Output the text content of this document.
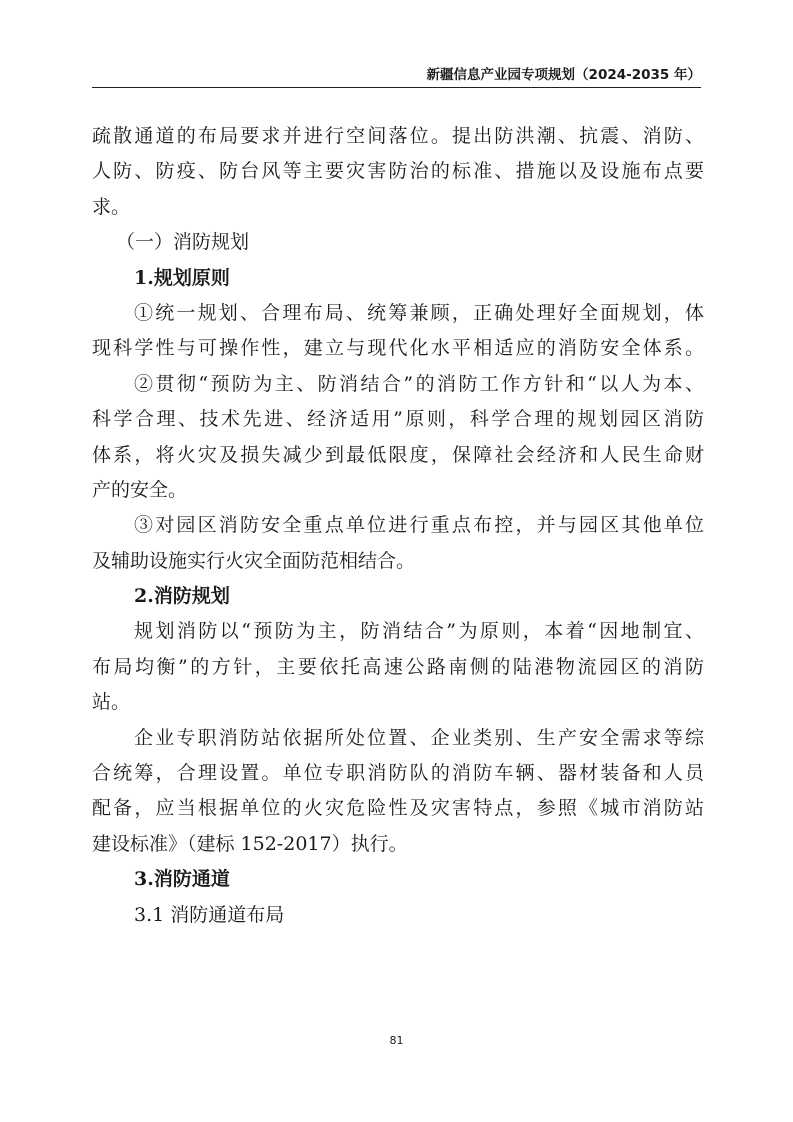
新疆信息产业园专项规划（2024-2035 年）
疏散通道的布局要求并进行空间落位。提出防洪潮、抗震、消防、
人防、防疫、防台风等主要灾害防治的标准、措施以及设施布点要
求。
（一）消防规划
1.规划原则
①统一规划、合理布局、统筹兼顾，正确处理好全面规划，体
现科学性与可操作性，建立与现代化水平相适应的消防安全体系。
②贯彻“预防为主、防消结合”的消防工作方针和“以人为本、
科学合理、技术先进、经济适用”原则，科学合理的规划园区消防
体系，将火灾及损失减少到最低限度，保障社会经济和人民生命财
产的安全。
③对园区消防安全重点单位进行重点布控，并与园区其他单位
及辅助设施实行火灾全面防范相结合。
2.消防规划
规划消防以“预防为主，防消结合”为原则，本着“因地制宜、
布局均衡”的方针，主要依托高速公路南侧的陆港物流园区的消防
站。
企业专职消防站依据所处位置、企业类别、生产安全需求等综
合统筹，合理设置。单位专职消防队的消防车辆、器材装备和人员
配备，应当根据单位的火灾危险性及灾害特点，参照《城市消防站
建设标准》（建标 152-2017）执行。
3.消防通道
3.1 消防通道布局
81
